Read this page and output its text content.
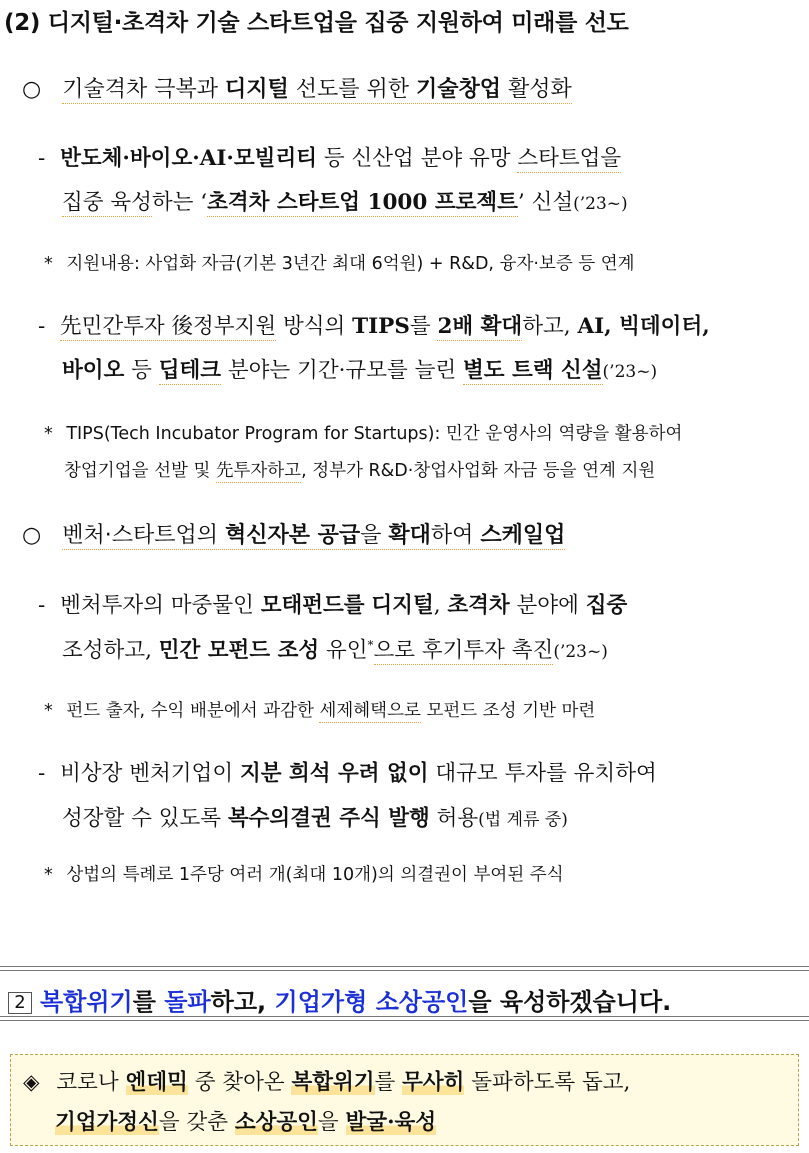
(2) 디지털·초격차 기술 스타트업을 집중 지원하여 미래를 선도
○ 기술격차 극복과 디지털 선도를 위한 기술창업 활성화
- 반도체·바이오·AI·모빌리티 등 신산업 분야 유망 스타트업을
집중 육성하는 ‘초격차 스타트업 1000 프로젝트’ 신설(’23~)
* 지원내용: 사업화 자금(기본 3년간 최대 6억원) + R&D, 융자·보증 등 연계
- 先민간투자 後정부지원 방식의 TIPS를 2배 확대하고, AI, 빅데이터,
바이오 등 딥테크 분야는 기간·규모를 늘린 별도 트랙 신설(’23~)
* TIPS(Tech Incubator Program for Startups): 민간 운영사의 역량을 활용하여
창업기업을 선발 및 先투자하고, 정부가 R&D·창업사업화 자금 등을 연계 지원
○ 벤처·스타트업의 혁신자본 공급을 확대하여 스케일업
- 벤처투자의 마중물인 모태펀드를 디지털, 초격차 분야에 집중
조성하고, 민간 모펀드 조성 유인*으로 후기투자 촉진(’23~)
* 펀드 출자, 수익 배분에서 과감한 세제혜택으로 모펀드 조성 기반 마련
- 비상장 벤처기업이 지분 희석 우려 없이 대규모 투자를 유치하여
성장할 수 있도록 복수의결권 주식 발행 허용(법 계류 중)
* 상법의 특례로 1주당 여러 개(최대 10개)의 의결권이 부여된 주식
2 복합위기를 돌파하고, 기업가형 소상공인을 육성하겠습니다.
◈ 코로나 엔데믹 중 찾아온 복합위기를 무사히 돌파하도록 돕고,
기업가정신을 갖춘 소상공인을 발굴·육성
